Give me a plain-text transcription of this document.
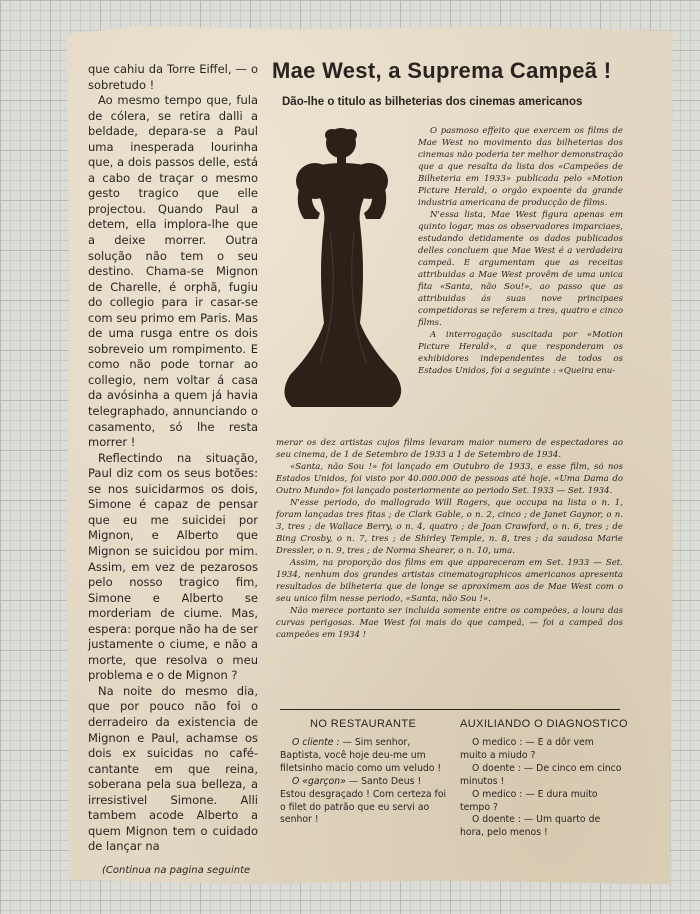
que cahiu da Torre Eiffel, — o sobretudo !

Ao mesmo tempo que, fula de cólera, se retira dalli a beldade, depara-se a Paul uma inesperada lourinha que, a dois passos delle, está a cabo de traçar o mesmo gesto tragico que elle projectou. Quando Paul a detem, ella implora-lhe que a deixe morrer. Outra solução não tem o seu destino. Chama-se Mignon de Charelle, é orphã, fugiu do collegio para ir casar-se com seu primo em Paris. Mas de uma rusga entre os dois sobreveio um rompimento. E como não pode tornar ao collegio, nem voltar á casa da avósinha a quem já havia telegraphado, annunciando o casamento, só lhe resta morrer !

Reflectindo na situação, Paul diz com os seus botões: se nos suicidarmos os dois, Simone é capaz de pensar que eu me suicidei por Mignon, e Alberto que Mignon se suicidou por mim. Assim, em vez de pezarosos pelo nosso tragico fim, Simone e Alberto se morderiam de ciume. Mas, espera: porque não ha de ser justamente o ciume, e não a morte, que resolva o meu problema e o de Mignon ?

Na noite do mesmo dia, que por pouco não foi o derradeiro da existencia de Mignon e Paul, achamse os dois ex suicidas no café-cantante em que reina, soberana pela sua belleza, a irresistivel Simone. Alli tambem acode Alberto a quem Mignon tem o cuidado de lançar na

(Continua na pagina seguinte
Mae West, a Suprema Campeã !
Dão-lhe o titulo as bilheterias dos cinemas americanos

O pasmoso effeito que exercem os films de Mae West no movimento das bilheterias dos cinemas não poderia ter melhor demonstração que a que resalta da lista dos «Campeões de Bilheteria em 1933» publicada pelo «Motion Picture Herald, o orgão expoente da grande industria americana de producção de films.

N'essa lista, Mae West figura apenas em quinto logar, mas os observadores imparciaes, estudando detidamente os dados publicados delles concluem que Mae West é a verdadeira campeã. E argumentam que as receitas attribuidas a Mae West provêm de uma unica fita «Santa, não Sou!», ao passo que as attribuidas ás suas nove principaes competidoras se referem a tres, quatro e cinco films.

A interrogação suscitada por «Motion Picture Herald», a que responderam os exhibidores independentes de todos os Estados Unidos, foi a seguinte : «Queira enu-

merar os dez artistas cujos films levaram maior numero de espectadores ao seu cinema, de 1 de Setembro de 1933 a 1 de Setembro de 1934.

«Santa, não Sou !» foi lançado em Outubro de 1933, e esse film, só nos Estados Unidos, foi visto por 40.000.000 de pessoas até hoje. «Uma Dama do Outro Mundo» foi lançado posteriormente ao periodo Set. 1933 — Set. 1934.

N'esse periodo, do mallogrado Will Rogers, que occupa na lista o n. 1, foram lançadas tres fitas ; de Clark Gable, o n. 2, cinco ; de Janet Gaynor, o n. 3, tres ; de Wallace Berry, o n. 4, quatro ; de Joan Crawford, o n. 6, tres ; de Bing Crosby, o n. 7, tres ; de Shirley Temple, n. 8, tres ; da saudosa Marie Dressler, o n. 9, tres ; de Norma Shearer, o n. 10, uma.

Assim, na proporção dos films em que appareceram em Set. 1933 — Set. 1934, nenhum dos grandes artistas cinematographicos americanos apresenta resultados de bilheteria que de longe se aproximem aos de Mae West com o seu unico film nesse periodo, «Santa, não Sou !».

Não merece portanto ser incluida somente entre os campeões, a loura das curvas perigosas. Mae West foi mais do que campeã, — foi a campeã dos campeões em 1934 !

NO RESTAURANTE

O cliente : — Sim senhor, Baptista, você hoje deu-me um filetsinho macio como um veludo !

O «garçon» — Santo Deus ! Estou desgraçado ! Com certeza foi o filet do patrão que eu servi ao senhor !

AUXILIANDO O DIAGNOSTICO

O medico : — E a dôr vem muito a miudo ?

O doente : — De cinco em cinco minutos !

O medico : — E dura muito tempo ?

O doente : — Um quarto de hora, pelo menos !
